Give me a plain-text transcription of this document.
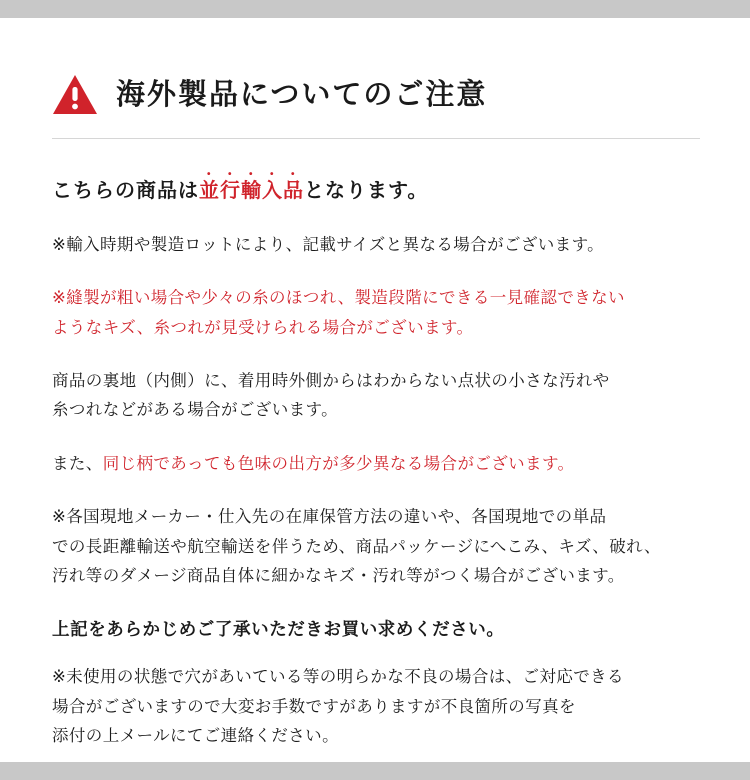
海外製品についてのご注意

こちらの商品は並行輸入品となります。

※輸入時期や製造ロットにより、記載サイズと異なる場合がございます。

※縫製が粗い場合や少々の糸のほつれ、製造段階にできる一見確認できない
ようなキズ、糸つれが見受けられる場合がございます。

商品の裏地（内側）に、着用時外側からはわからない点状の小さな汚れや
糸つれなどがある場合がございます。

また、同じ柄であっても色味の出方が多少異なる場合がございます。

※各国現地メーカー・仕入先の在庫保管方法の違いや、各国現地での単品
での長距離輸送や航空輸送を伴うため、商品パッケージにへこみ、キズ、破れ、
汚れ等のダメージ商品自体に細かなキズ・汚れ等がつく場合がございます。

上記をあらかじめご了承いただきお買い求めください。

※未使用の状態で穴があいている等の明らかな不良の場合は、ご対応できる
場合がございますので大変お手数ですがありますが不良箇所の写真を
添付の上メールにてご連絡ください。
